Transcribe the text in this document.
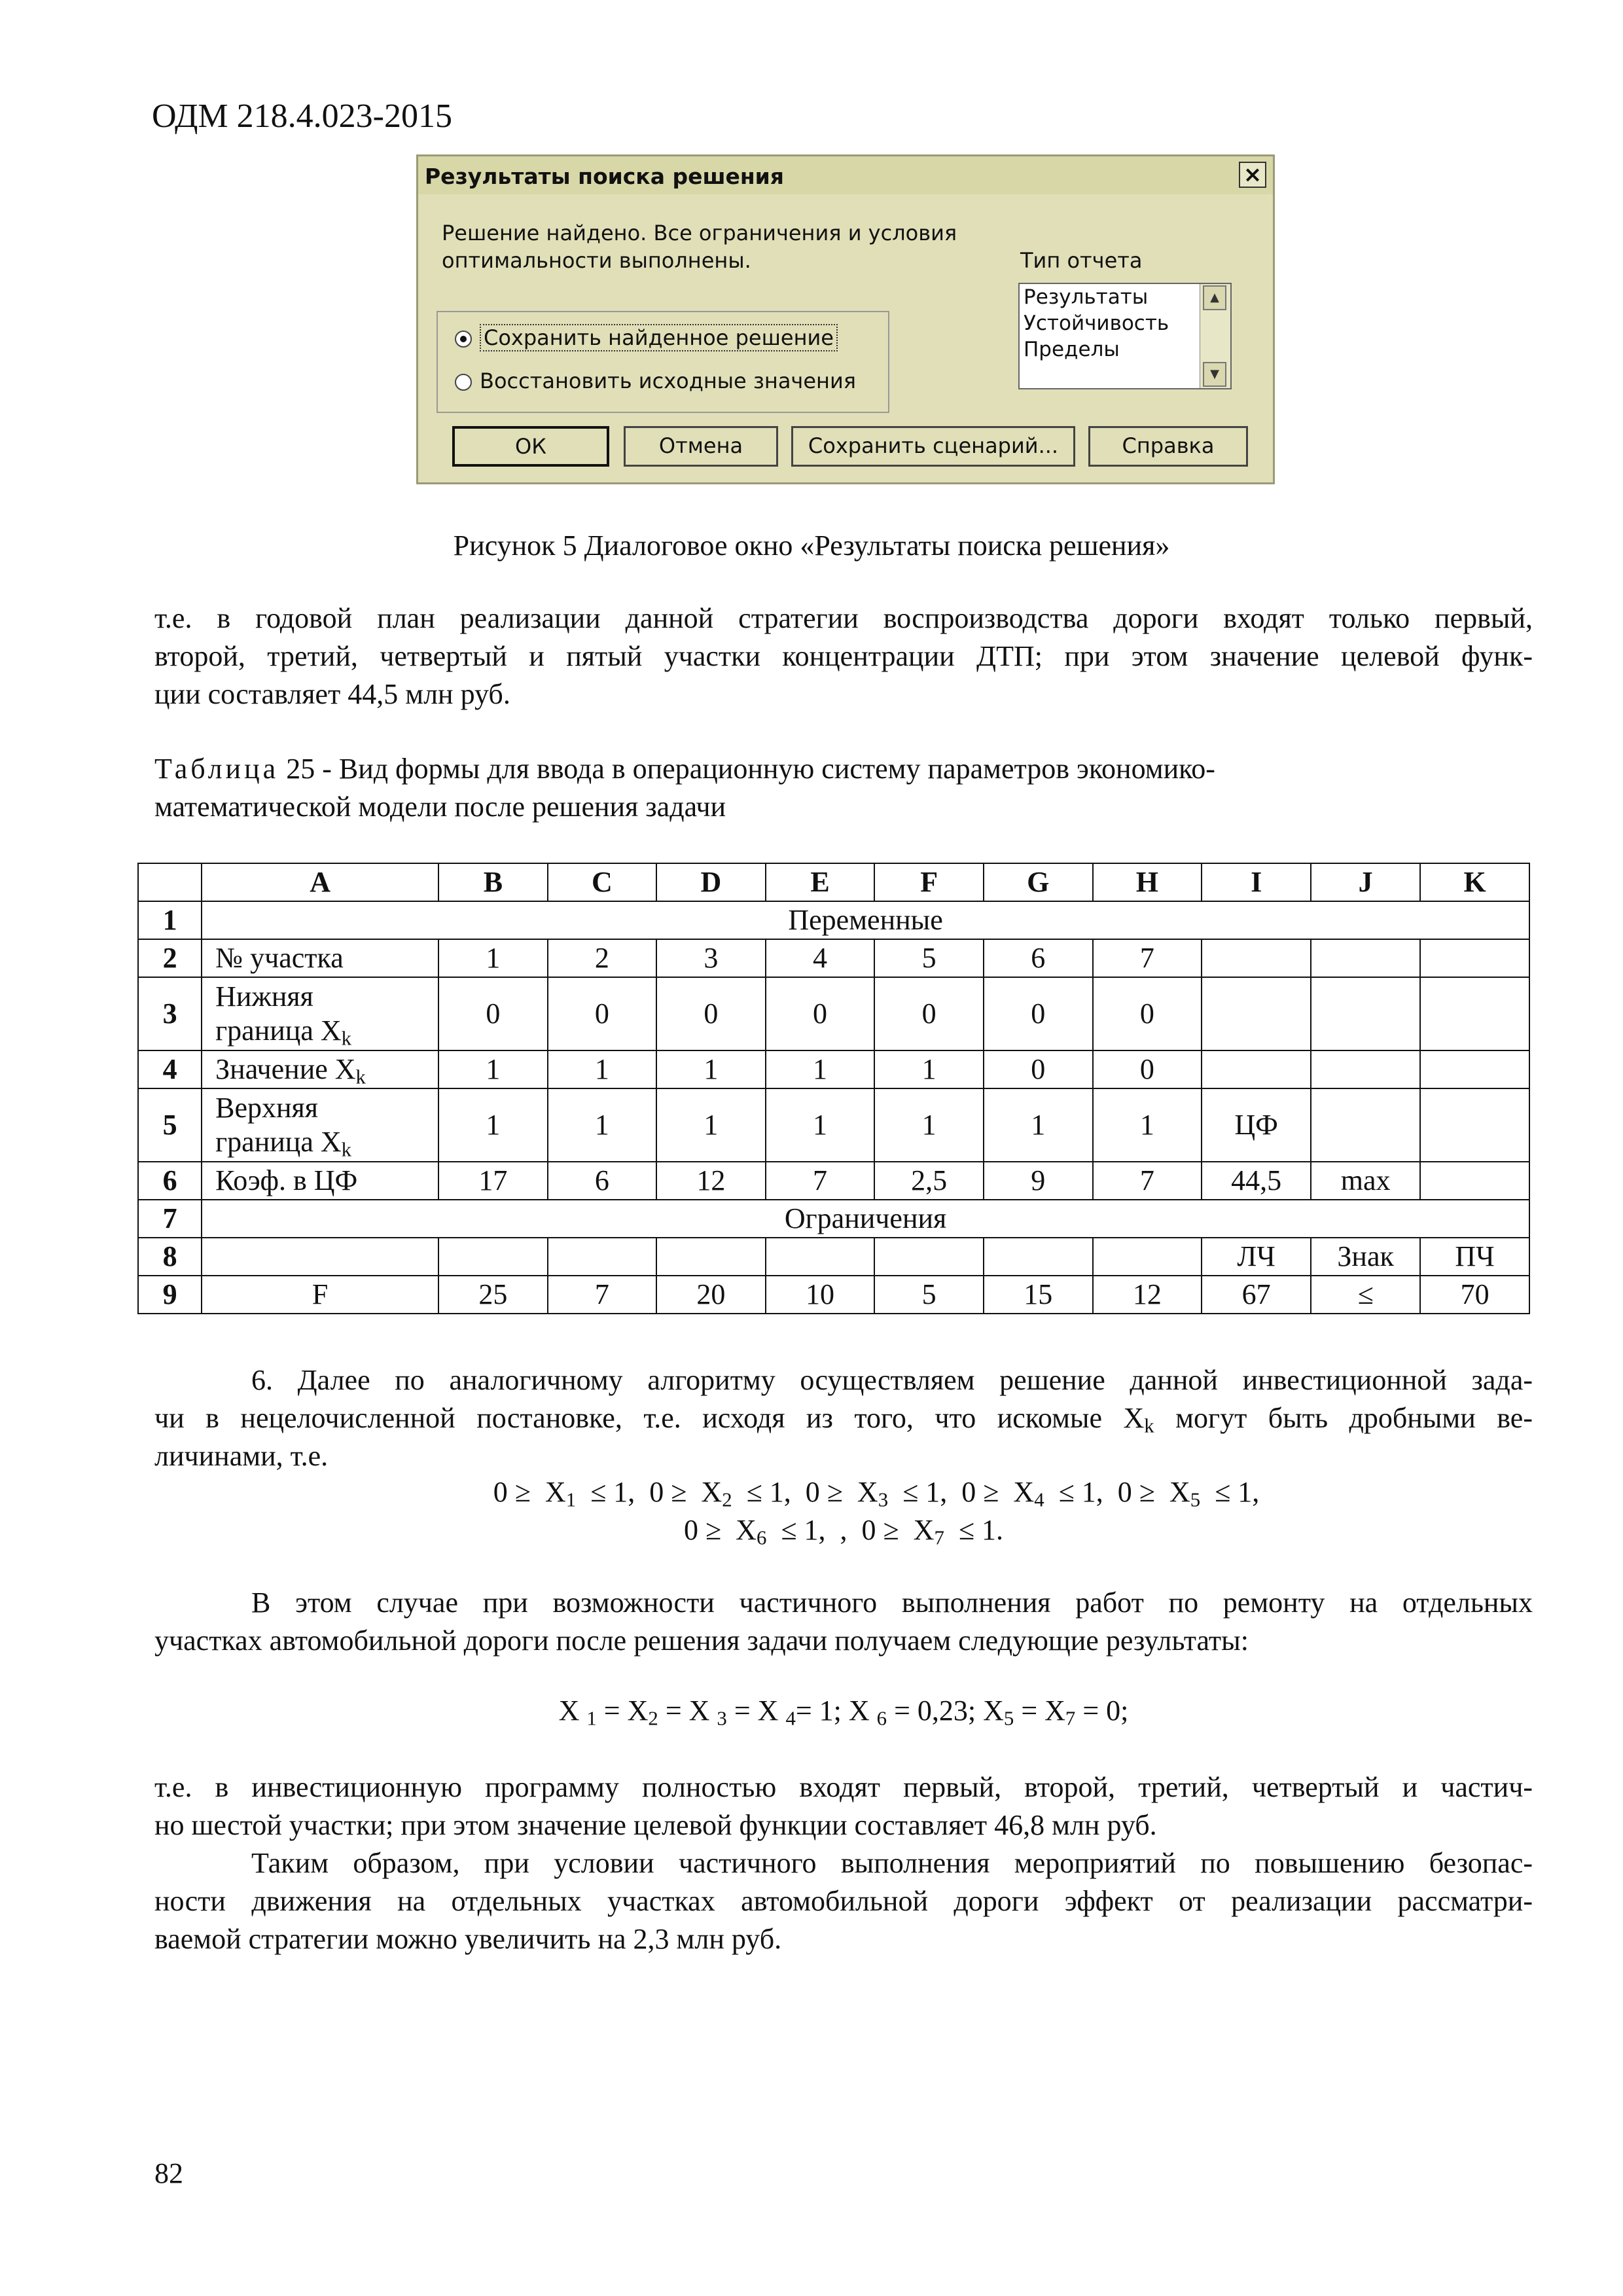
ОДМ 218.4.023-2015
Результаты поиска решения	×
Решение найдено. Все ограничения и условия
оптимальности выполнены.	Тип отчета
Результаты
Устойчивость
Пределы
▲
▼
Сохранить найденное решение
Восстановить исходные значения
ОК	Отмена	Сохранить сценарий...	Справка
Рисунок 5 Диалоговое окно «Результаты поиска решения»
т.е. в годовой план реализации данной стратегии воспроизводства дороги входят только первый,
второй, третий, четвертый и пятый участки концентрации ДТП; при этом значение целевой функ-
ции составляет 44,5 млн руб.
Таблица 25 - Вид формы для ввода в операционную систему параметров экономико-
математической модели после решения задачи
	A	B	C	D	E	F	G	H	I	J	K
1	Переменные										
2	№ участка	1	2	3	4	5	6	7			
3	Нижняя
граница $X_k$	0	0	0	0	0	0	0			
4	Значение $X_k$	1	1	1	1	1	0	0			
5	Верхняя
граница $X_k$	1	1	1	1	1	1	1	ЦФ		
6	Коэф. в ЦФ	17	6	12	7	2,5	9	7	44,5	max	
7	Ограничения										
8									ЛЧ	Знак	ПЧ
9	F	25	7	20	10	5	15	12	67	≤	70
6. Далее по аналогичному алгоритму осуществляем решение данной инвестиционной зада-
чи в нецелочисленной постановке, т.е. исходя из того, что искомые $X_k$ могут быть дробными ве-
личинами, т.е.
$0 \ge X_1 \le 1$,  $0 \ge X_2 \le 1$,  $0 \ge X_3 \le 1$,  $0 \ge X_4 \le 1$,  $0 \ge X_5 \le 1$,
$0 \ge X_6 \le 1$,  ,  $0 \ge X_7 \le 1$.
В этом случае при возможности частичного выполнения работ по ремонту на отдельных
участках автомобильной дороги после решения задачи получаем следующие результаты:
X $_1 = X_2 = X$ $_3$ = X $_4$= 1; X $_6$ = 0,23; $X_5 = X_7 = 0$;
т.е. в инвестиционную программу полностью входят первый, второй, третий, четвертый и частич-
но шестой участки; при этом значение целевой функции составляет 46,8 млн руб.
Таким образом, при условии частичного выполнения мероприятий по повышению безопас-
ности движения на отдельных участках автомобильной дороги эффект от реализации рассматри-
ваемой стратегии можно увеличить на 2,3 млн руб.
82
